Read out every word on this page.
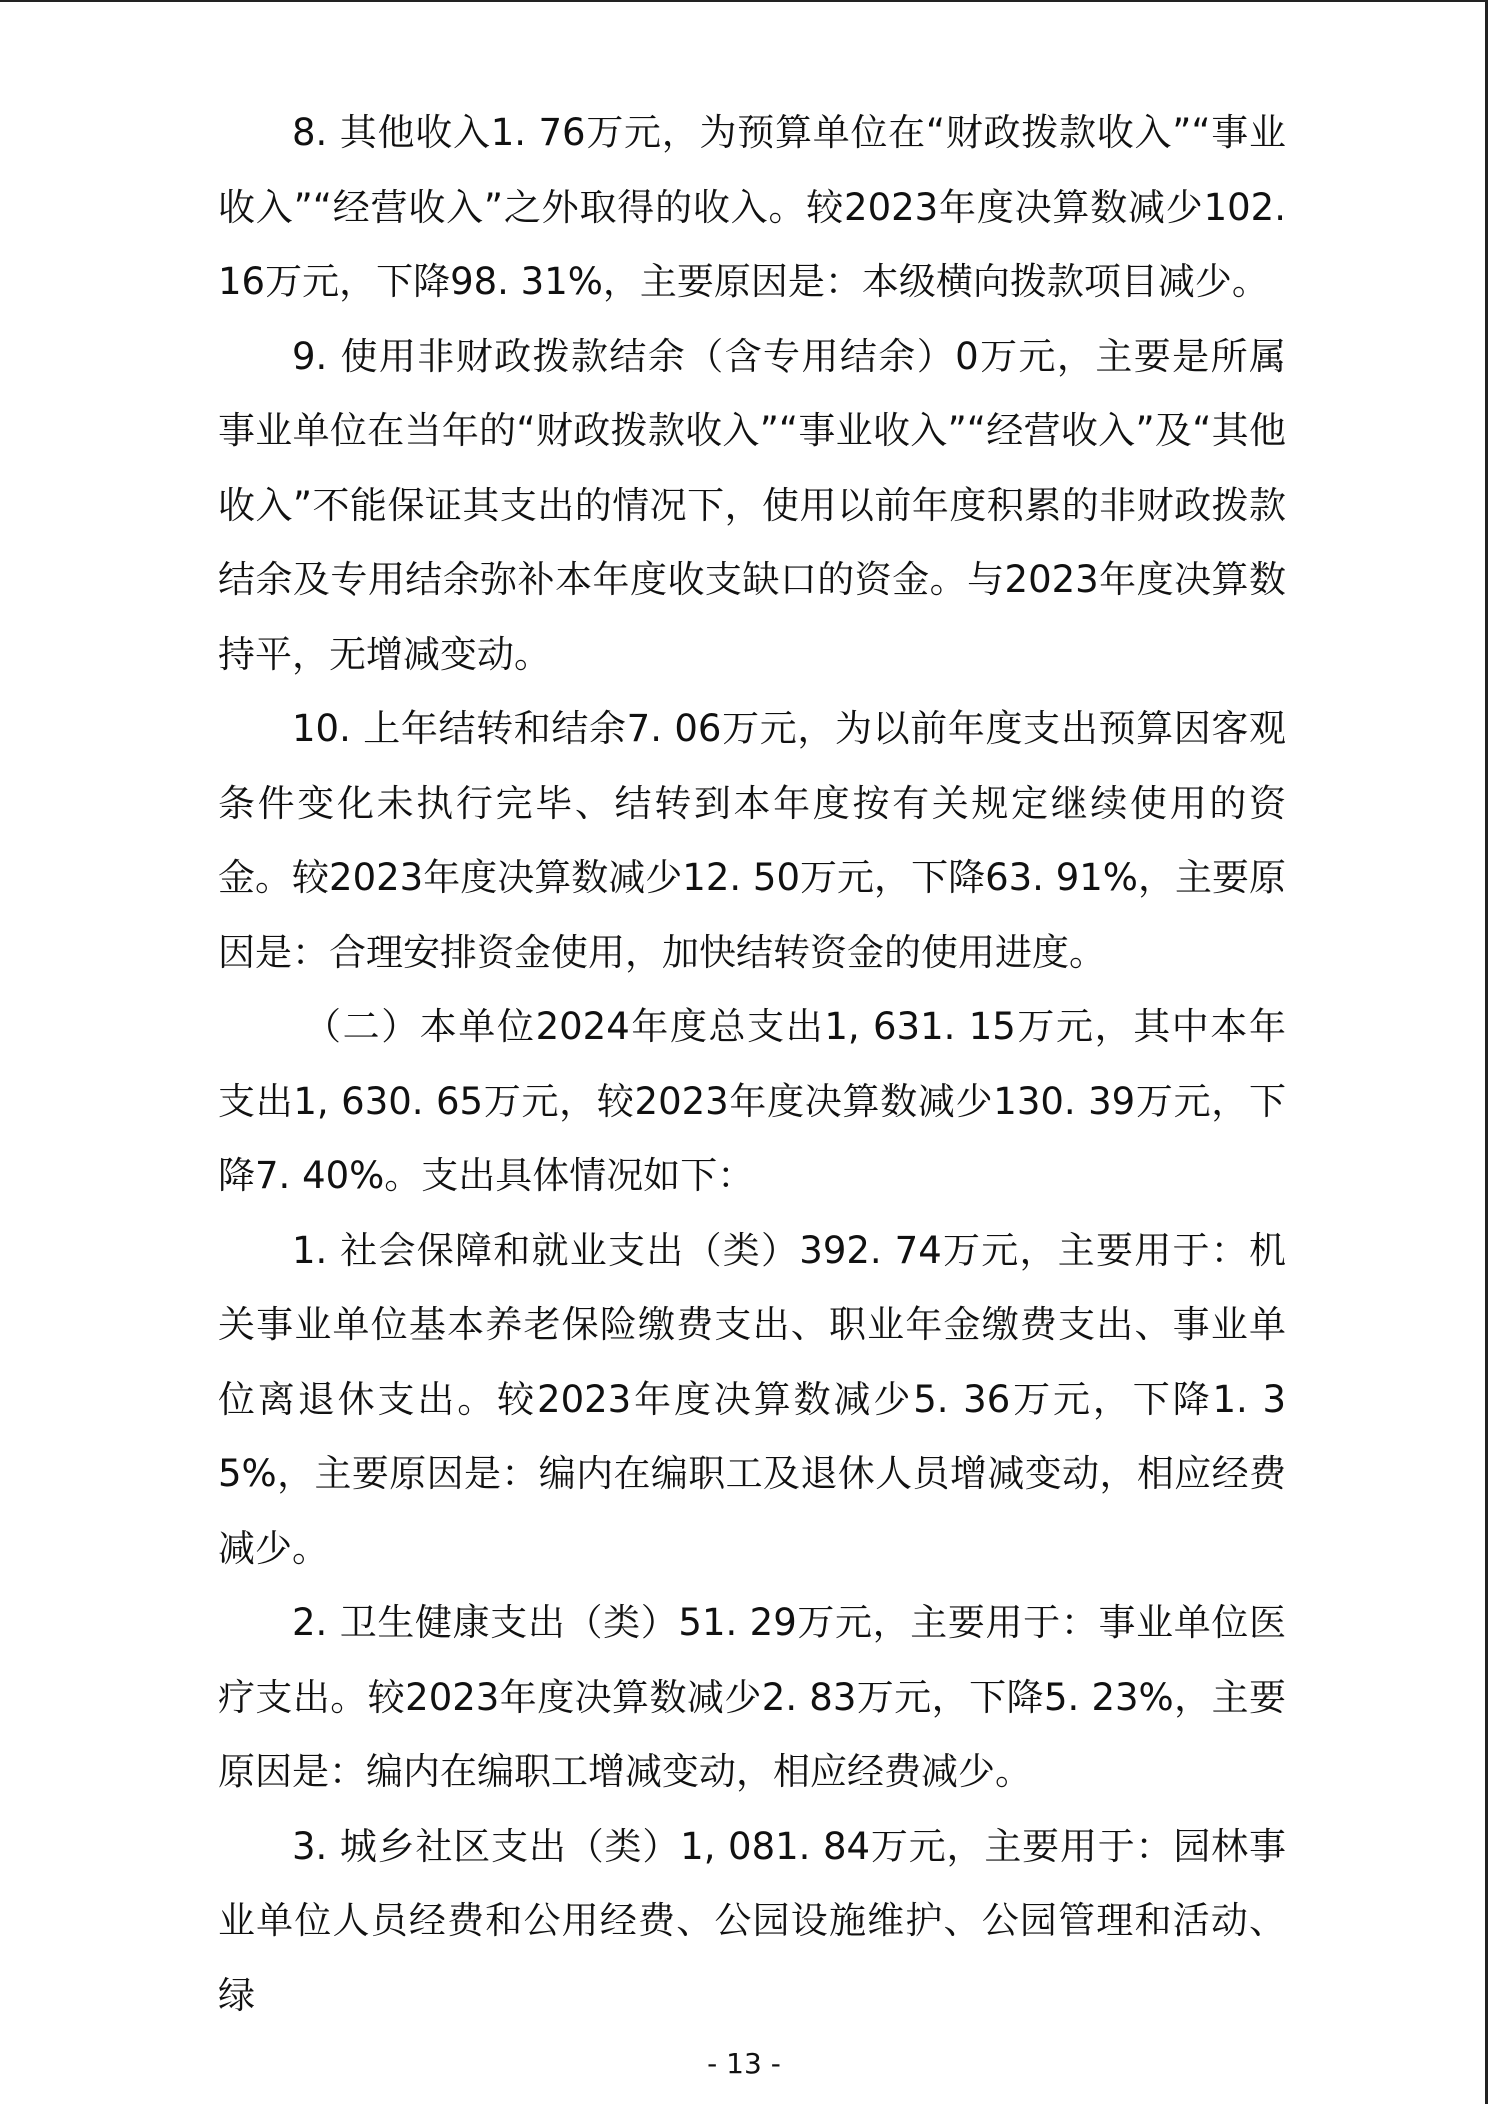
8. 其他收入1. 76万元，为预算单位在“财政拨款收入”“事业收入”“经营收入”之外取得的收入。较2023年度决算数减少102. 16万元，下降98. 31%，主要原因是：本级横向拨款项目减少。

9. 使用非财政拨款结余（含专用结余）0万元，主要是所属事业单位在当年的“财政拨款收入”“事业收入”“经营收入”及“其他收入”不能保证其支出的情况下，使用以前年度积累的非财政拨款结余及专用结余弥补本年度收支缺口的资金。与2023年度决算数持平，无增减变动。

10. 上年结转和结余7. 06万元，为以前年度支出预算因客观条件变化未执行完毕、结转到本年度按有关规定继续使用的资金。较2023年度决算数减少12. 50万元，下降63. 91%，主要原因是：合理安排资金使用，加快结转资金的使用进度。

（二）本单位2024年度总支出1, 631. 15万元，其中本年支出1, 630. 65万元，较2023年度决算数减少130. 39万元，下降7. 40%。支出具体情况如下：

1. 社会保障和就业支出（类）392. 74万元，主要用于：机关事业单位基本养老保险缴费支出、职业年金缴费支出、事业单位离退休支出。较2023年度决算数减少5. 36万元，下降1. 35%，主要原因是：编内在编职工及退休人员增减变动，相应经费减少。

2. 卫生健康支出（类）51. 29万元，主要用于：事业单位医疗支出。较2023年度决算数减少2. 83万元，下降5. 23%，主要原因是：编内在编职工增减变动，相应经费减少。

3. 城乡社区支出（类）1, 081. 84万元，主要用于：园林事业单位人员经费和公用经费、公园设施维护、公园管理和活动、绿

- 13 -
